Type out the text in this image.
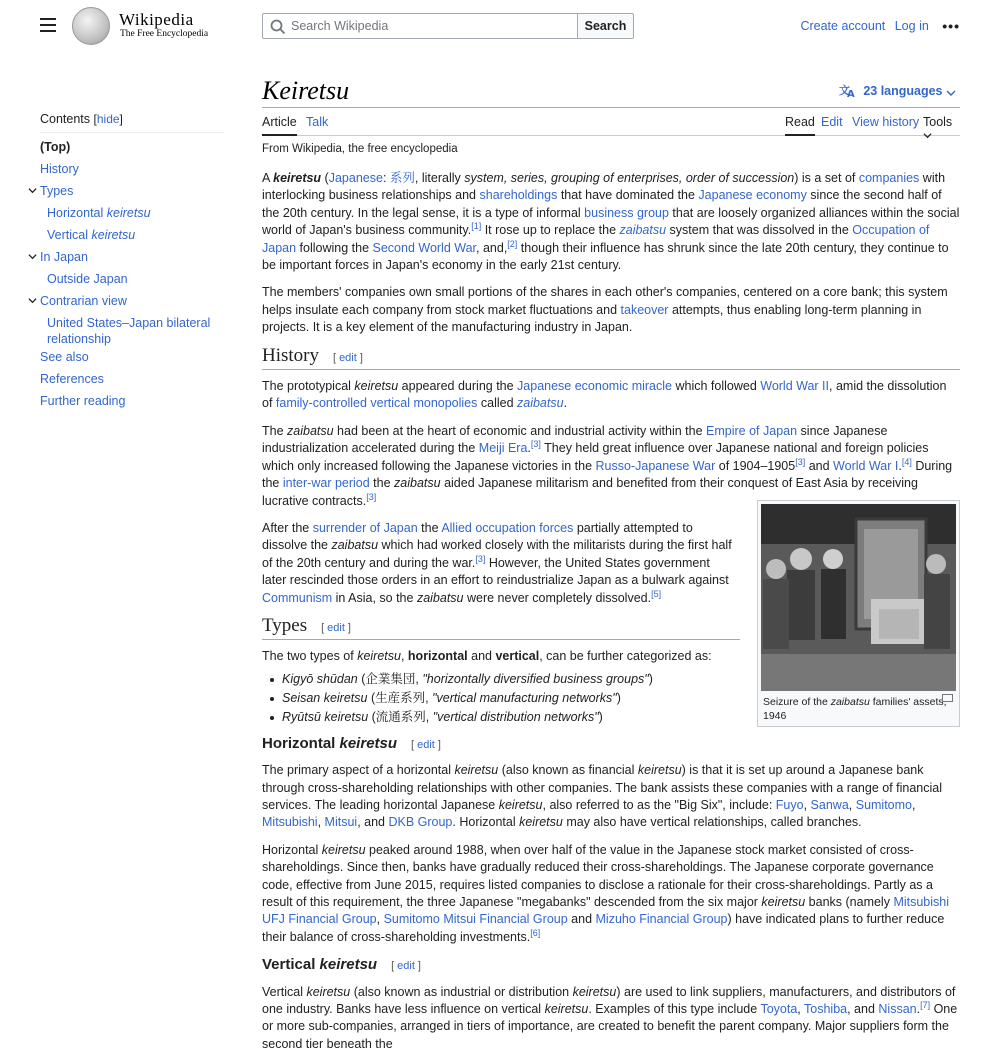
Wikipedia
The Free Encyclopedia
Search Wikipedia
Search	Create account Log in •••
Contents [hide]
(Top)
History
Types
Horizontal keiretsu
Vertical keiretsu
In Japan
Outside Japan
Contrarian view
United States–Japan bilateral relationship
See also
References
Further reading
Keiretsu	文
A 23 languages
Article Talk	Read Edit View history Tools
From Wikipedia, the free encyclopedia

A keiretsu (Japanese: 系列, literally system, series, grouping of enterprises, order of succession) is a set of companies with interlocking business relationships and shareholdings that have dominated the Japanese economy since the second half of the 20th century. In the legal sense, it is a type of informal business group that are loosely organized alliances within the social world of Japan's business community.[1] It rose up to replace the zaibatsu system that was dissolved in the Occupation of Japan following the Second World War, and,[2] though their influence has shrunk since the late 20th century, they continue to be important forces in Japan's economy in the early 21st century.

The members' companies own small portions of the shares in each other's companies, centered on a core bank; this system helps insulate each company from stock market fluctuations and takeover attempts, thus enabling long-term planning in projects. It is a key element of the manufacturing industry in Japan.

History [ edit ]

The prototypical keiretsu appeared during the Japanese economic miracle which followed World War II, amid the dissolution of family-controlled vertical monopolies called zaibatsu.

The zaibatsu had been at the heart of economic and industrial activity within the Empire of Japan since Japanese industrialization accelerated during the Meiji Era.[3] They held great influence over Japanese national and foreign policies which only increased following the Japanese victories in the Russo-Japanese War of 1904–1905[3] and World War I.[4] During the inter-war period the zaibatsu aided Japanese militarism and benefited from their conquest of East Asia by receiving lucrative contracts.[3]

After the surrender of Japan the Allied occupation forces partially attempted to dissolve the zaibatsu which had worked closely with the militarists during the first half of the 20th century and during the war.[3] However, the United States government later rescinded those orders in an effort to reindustrialize Japan as a bulwark against Communism in Asia, so the zaibatsu were never completely dissolved.[5]

Types [ edit ]

The two types of keiretsu, horizontal and vertical, can be further categorized as:

Kigyō shūdan (企業集団, "horizontally diversified business groups")
Seisan keiretsu (生産系列, "vertical manufacturing networks")
Ryūtsū keiretsu (流通系列, "vertical distribution networks")
Horizontal keiretsu [ edit ]

The primary aspect of a horizontal keiretsu (also known as financial keiretsu) is that it is set up around a Japanese bank through cross-shareholding relationships with other companies. The bank assists these companies with a range of financial services. The leading horizontal Japanese keiretsu, also referred to as the "Big Six", include: Fuyo, Sanwa, Sumitomo, Mitsubishi, Mitsui, and DKB Group. Horizontal keiretsu may also have vertical relationships, called branches.

Horizontal keiretsu peaked around 1988, when over half of the value in the Japanese stock market consisted of cross-shareholdings. Since then, banks have gradually reduced their cross-shareholdings. The Japanese corporate governance code, effective from June 2015, requires listed companies to disclose a rationale for their cross-shareholdings. Partly as a result of this requirement, the three Japanese "megabanks" descended from the six major keiretsu banks (namely Mitsubishi UFJ Financial Group, Sumitomo Mitsui Financial Group and Mizuho Financial Group) have indicated plans to further reduce their balance of cross-shareholding investments.[6]

Vertical keiretsu [ edit ]

Vertical keiretsu (also known as industrial or distribution keiretsu) are used to link suppliers, manufacturers, and distributors of one industry. Banks have less influence on vertical keiretsu. Examples of this type include Toyota, Toshiba, and Nissan.[7] One or more sub-companies, arranged in tiers of importance, are created to benefit the parent company. Major suppliers form the second tier beneath the

Seizure of the zaibatsu families' assets, 1946
